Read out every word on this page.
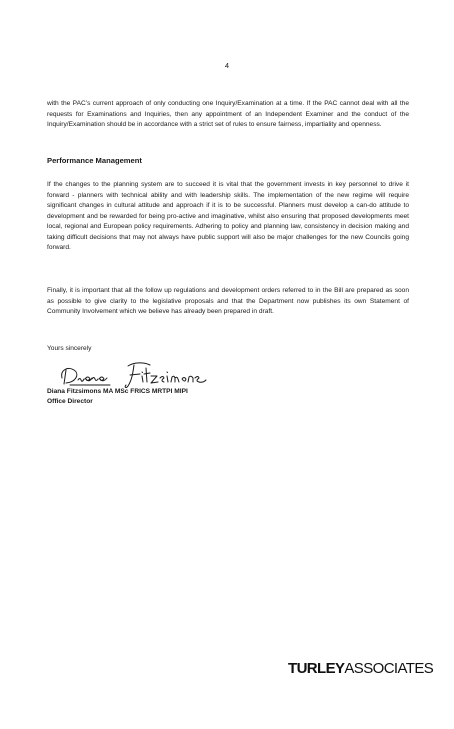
4

with the PAC’s current approach of only conducting one Inquiry/Examination at a time. If the PAC cannot deal with all the requests for Examinations and Inquiries, then any appointment of an Independent Examiner and the conduct of the Inquiry/Examination should be in accordance with a strict set of rules to ensure fairness, impartiality and openness.

Performance Management

If the changes to the planning system are to succeed it is vital that the government invests in key personnel to drive it forward - planners with technical ability and with leadership skills. The implementation of the new regime will require significant changes in cultural attitude and approach if it is to be successful. Planners must develop a can-do attitude to development and be rewarded for being pro-active and imaginative, whilst also ensuring that proposed developments meet local, regional and European policy requirements. Adhering to policy and planning law, consistency in decision making and taking difficult decisions that may not always have public support will also be major challenges for the new Councils going forward.

Finally, it is important that all the follow up regulations and development orders referred to in the Bill are prepared as soon as possible to give clarity to the legislative proposals and that the Department now publishes its own Statement of Community Involvement which we believe has already been prepared in draft.

Yours sincerely
Diana Fitzsimons MA MSc FRICS MRTPI MIPI
Office Director
TURLEYASSOCIATES
